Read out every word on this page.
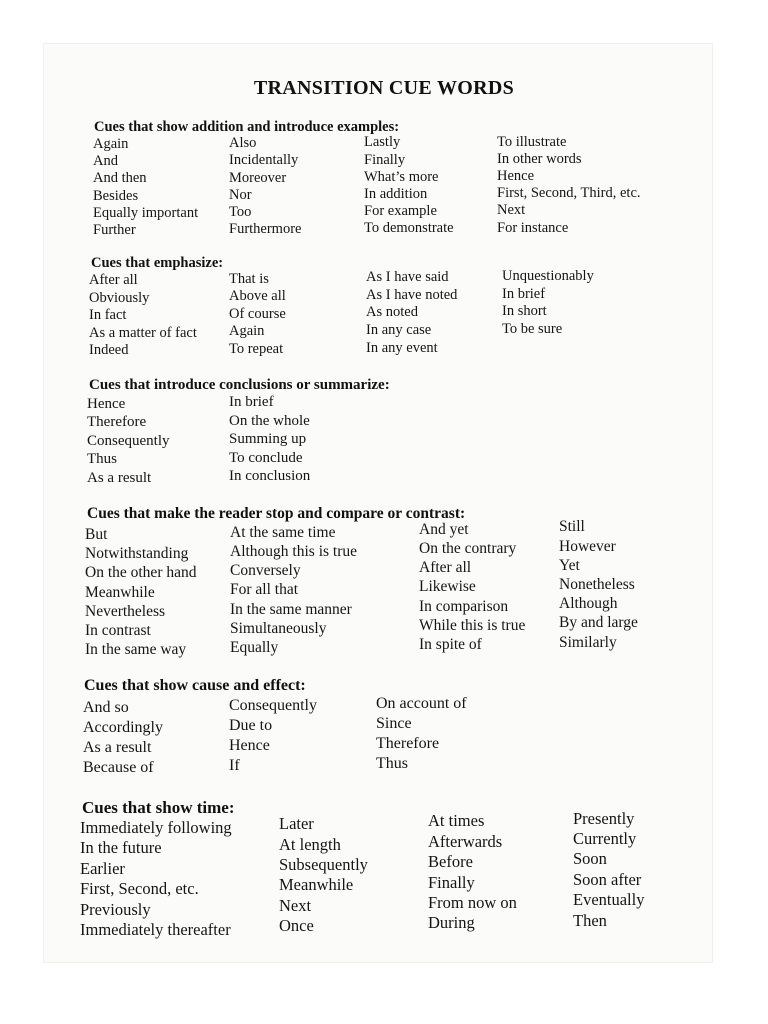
TRANSITION CUE WORDS
Cues that show addition and introduce examples:
Again
And
And then
Besides
Equally important
Further
Also
Incidentally
Moreover
Nor
Too
Furthermore
Lastly
Finally
What’s more
In addition
For example
To demonstrate
To illustrate
In other words
Hence
First, Second, Third, etc.
Next
For instance
Cues that emphasize:
After all
Obviously
In fact
As a matter of fact
Indeed
That is
Above all
Of course
Again
To repeat
As I have said
As I have noted
As noted
In any case
In any event
Unquestionably
In brief
In short
To be sure
Cues that introduce conclusions or summarize:
Hence
Therefore
Consequently
Thus
As a result
In brief
On the whole
Summing up
To conclude
In conclusion
Cues that make the reader stop and compare or contrast:
But
Notwithstanding
On the other hand
Meanwhile
Nevertheless
In contrast
In the same way
At the same time
Although this is true
Conversely
For all that
In the same manner
Simultaneously
Equally
And yet
On the contrary
After all
Likewise
In comparison
While this is true
In spite of
Still
However
Yet
Nonetheless
Although
By and large
Similarly
Cues that show cause and effect:
And so
Accordingly
As a result
Because of
Consequently
Due to
Hence
If
On account of
Since
Therefore
Thus
Cues that show time:
Immediately following
In the future
Earlier
First, Second, etc.
Previously
Immediately thereafter
Later
At length
Subsequently
Meanwhile
Next
Once
At times
Afterwards
Before
Finally
From now on
During
Presently
Currently
Soon
Soon after
Eventually
Then
